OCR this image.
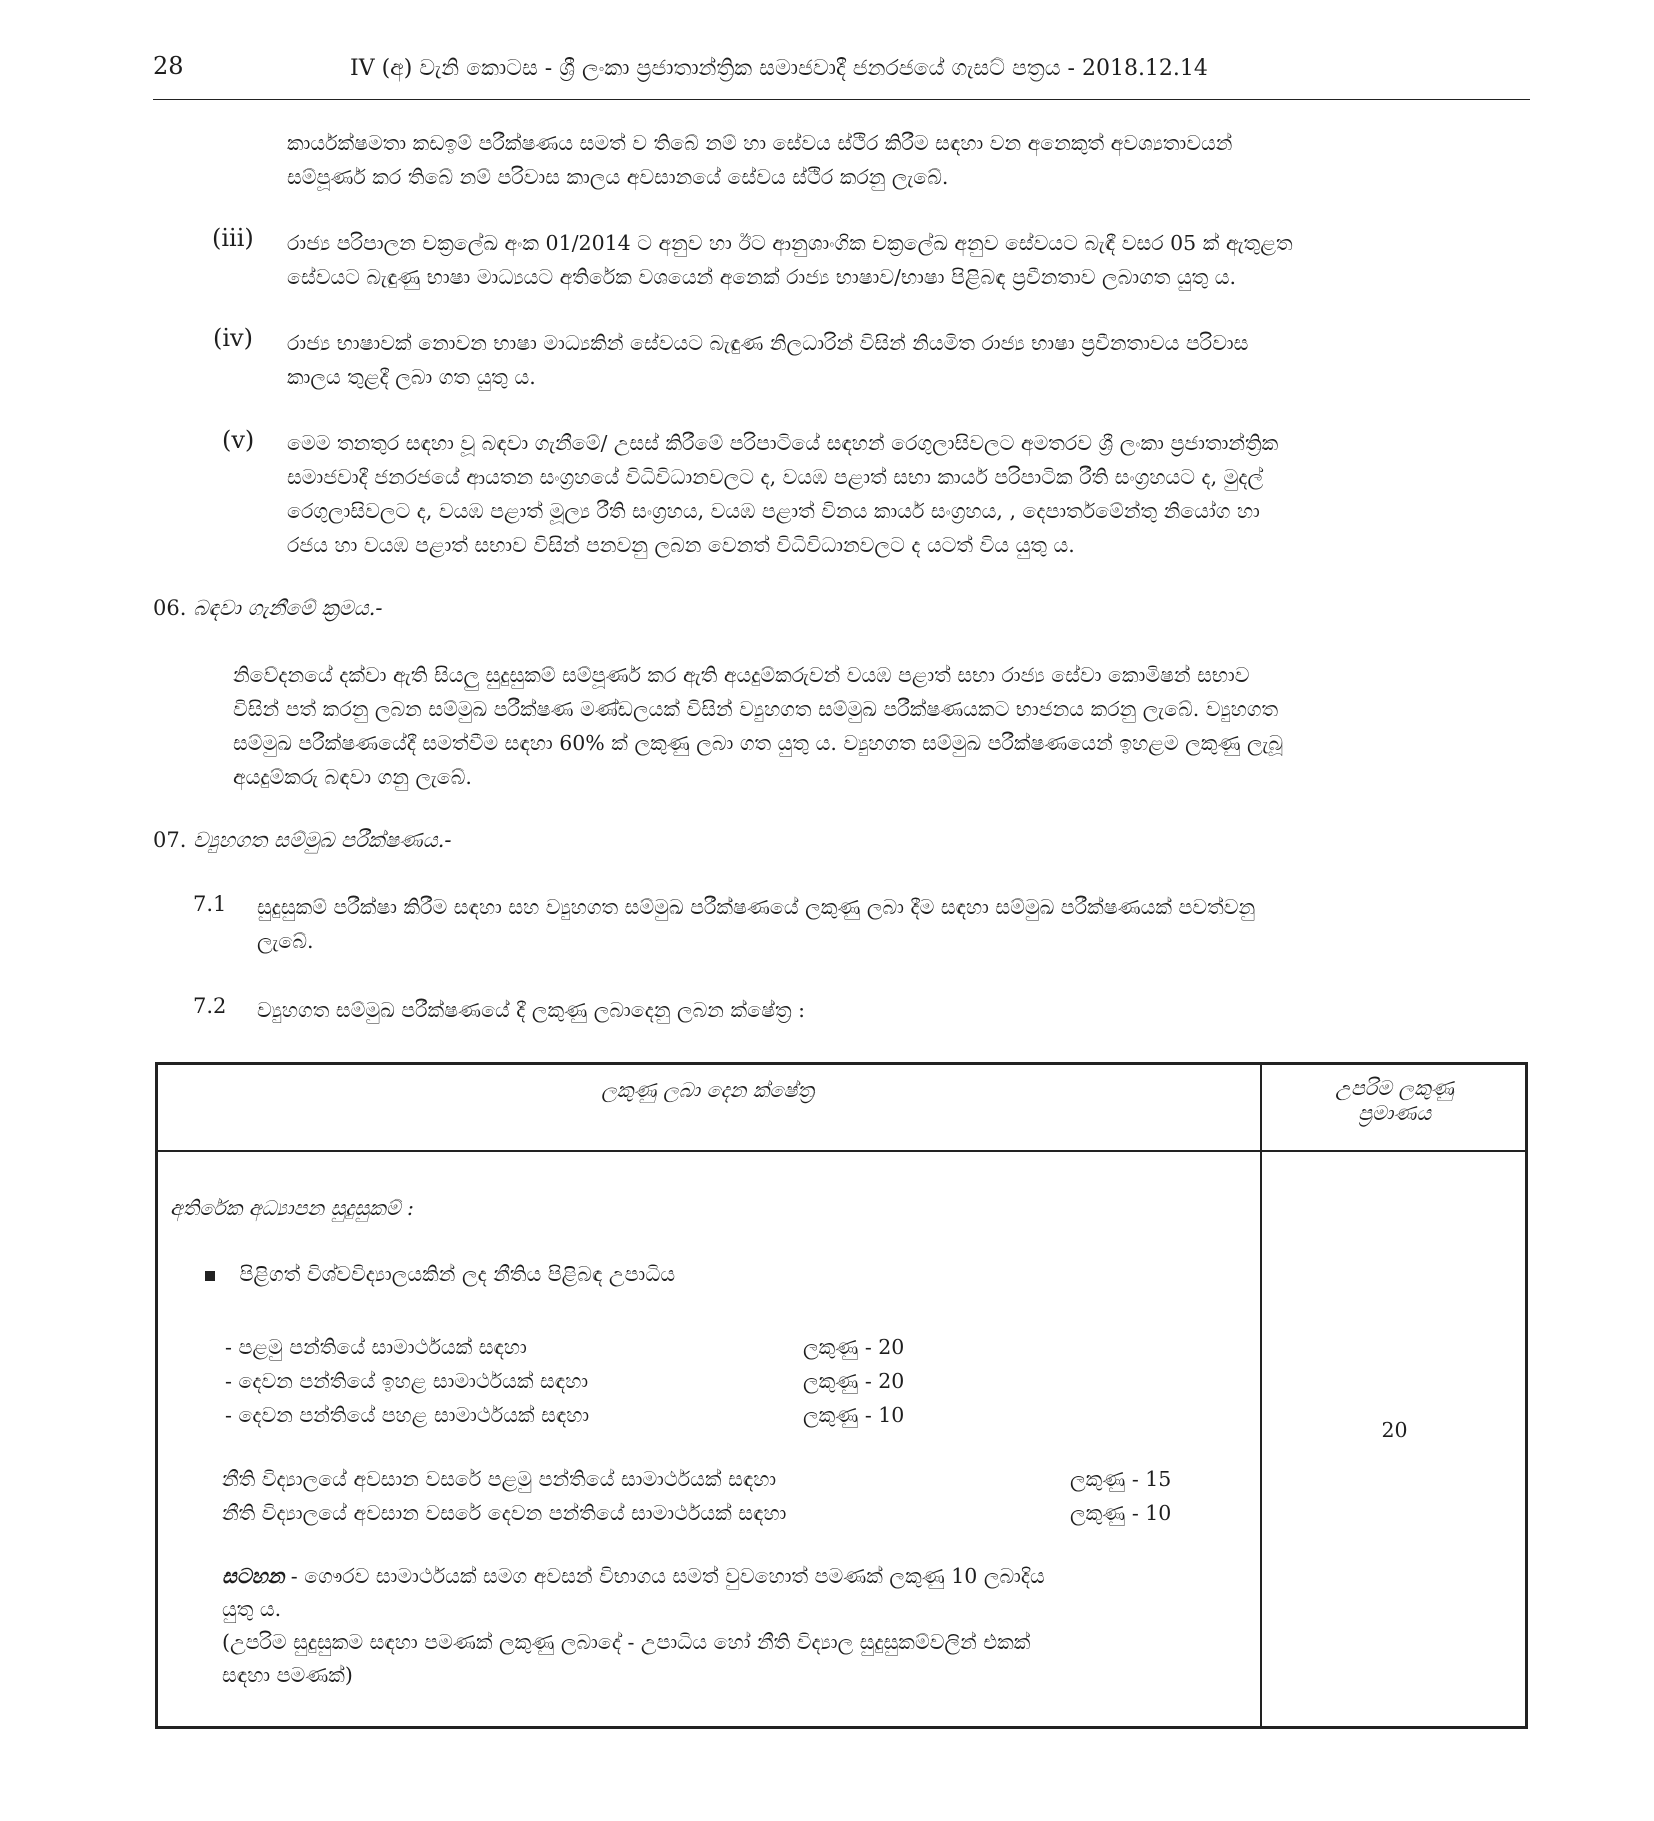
28	IV (අ) වැනි කොටස - ශ්‍රී ලංකා ප්‍රජාතාන්ත්‍රික සමාජවාදී ජනරජයේ ගැසට් පත්‍රය - 2018.12.14
කාර්යක්ෂමතා කඩඉම් පරීක්ෂණය සමත් ව තිබේ නම් හා සේවය ස්ථිර කිරීම සඳහා වන අනෙකුත් අවශ්‍යතාවයන්
සම්පූර්ණ කර තිබේ නම් පරිවාස කාලය අවසානයේ සේවය ස්ථිර කරනු ලැබේ.
(iii) රාජ්‍ය පරිපාලන චක්‍රලේඛ අංක 01/2014 ට අනුව හා ඊට ආනුශාංගික චක්‍රලේඛ අනුව සේවයට බැඳී වසර 05 ක් ඇතුළත
සේවයට බැඳුණු භාෂා මාධ්‍යයට අතිරේක වශයෙන් අනෙක් රාජ්‍ය භාෂාව/භාෂා පිළිබඳ ප්‍රවීනතාව ලබාගත යුතු ය.
(iv) රාජ්‍ය භාෂාවක් නොවන භාෂා මාධ්‍යකින් සේවයට බැඳුණ නිලධාරින් විසින් නියමිත රාජ්‍ය භාෂා ප්‍රවීනතාවය පරිවාස
කාලය තුළදී ලබා ගත යුතු ය.
(v) මෙම තනතුර සඳහා වූ බඳවා ගැනීමේ/ උසස් කිරීමේ පරිපාටියේ සඳහන් රෙගුලාසිවලට අමතරව ශ්‍රී ලංකා ප්‍රජාතාන්ත්‍රික
සමාජවාදී ජනරජයේ ආයතන සංග්‍රහයේ විධිවිධානවලට ද, වයඹ පළාත් සභා කාර්ය පරිපාටික රීති සංග්‍රහයට ද, මුදල්
රෙගුලාසිවලට ද, වයඹ පළාත් මූල්‍ය රීති සංග්‍රහය, වයඹ පළාත් විනය කාර්ය සංග්‍රහය, , දෙපාර්තමේන්තු නියෝග හා
රජය හා වයඹ පළාත් සභාව විසින් පනවනු ලබන වෙනත් විධිවිධානවලට ද යටත් විය යුතු ය.
06. බඳවා ගැනීමේ ක්‍රමය.-
නිවේදනයේ දක්වා ඇති සියලු සුදුසුකම් සම්පූර්ණ කර ඇති අයදුම්කරුවන් වයඹ පළාත් සභා රාජ්‍ය සේවා කොමිෂන් සභාව
විසින් පත් කරනු ලබන සම්මුඛ පරීක්ෂණ මණ්ඩලයක් විසින් ව්‍යුහගත සම්මුඛ පරීක්ෂණයකට භාජනය කරනු ලැබේ. ව්‍යුහගත
සම්මුඛ පරීක්ෂණයේදී සමත්වීම සඳහා 60% ක් ලකුණු ලබා ගත යුතු ය. ව්‍යුහගත සම්මුඛ පරීක්ෂණයෙන් ඉහළම ලකුණු ලැබූ
අයදුම්කරු බඳවා ගනු ලැබේ.
07. ව්‍යුහගත සම්මුඛ පරීක්ෂණය.-
7.1 සුදුසුකම් පරීක්ෂා කිරීම සඳහා සහ ව්‍යුහගත සම්මුඛ පරීක්ෂණයේ ලකුණු ලබා දීම සඳහා සම්මුඛ පරීක්ෂණයක් පවත්වනු
ලැබේ.
7.2 ව්‍යුහගත සම්මුඛ පරීක්ෂණයේ දී ලකුණු ලබාදෙනු ලබන ක්ෂේත්‍ර :
ලකුණු ලබා දෙන ක්ෂේත්‍ර	උපරිම ලකුණු
ප්‍රමාණය
අතිරේක අධ්‍යාපන සුදුසුකම් :
පිළිගත් විශ්වවිද්‍යාලයකින් ලද නීතිය පිළිබඳ උපාධිය
- පළමු පන්තියේ සාමාර්ථයක් සඳහා
- දෙවන පන්තියේ ඉහළ සාමාර්ථයක් සඳහා
- දෙවන පන්තියේ පහළ සාමාර්ථයක් සඳහා
ලකුණු - 20
ලකුණු - 20
ලකුණු - 10
නීති විද්‍යාලයේ අවසාන වසරේ පළමු පන්තියේ සාමාර්ථයක් සඳහා
නීති විද්‍යාලයේ අවසාන වසරේ දෙවන පන්තියේ සාමාර්ථයක් සඳහා
ලකුණු - 15
ලකුණු - 10
සටහන - ගෞරව සාමාර්ථයක් සමග අවසන් විභාගය සමත් වුවහොත් පමණක් ලකුණු 10 ලබාදිය
යුතු ය.
(උපරිම සුදුසුකම සඳහා පමණක් ලකුණු ලබාදේ - උපාධිය හෝ නීති විද්‍යාල සුදුසුකම්වලින් එකක්
සඳහා පමණක්)
20
